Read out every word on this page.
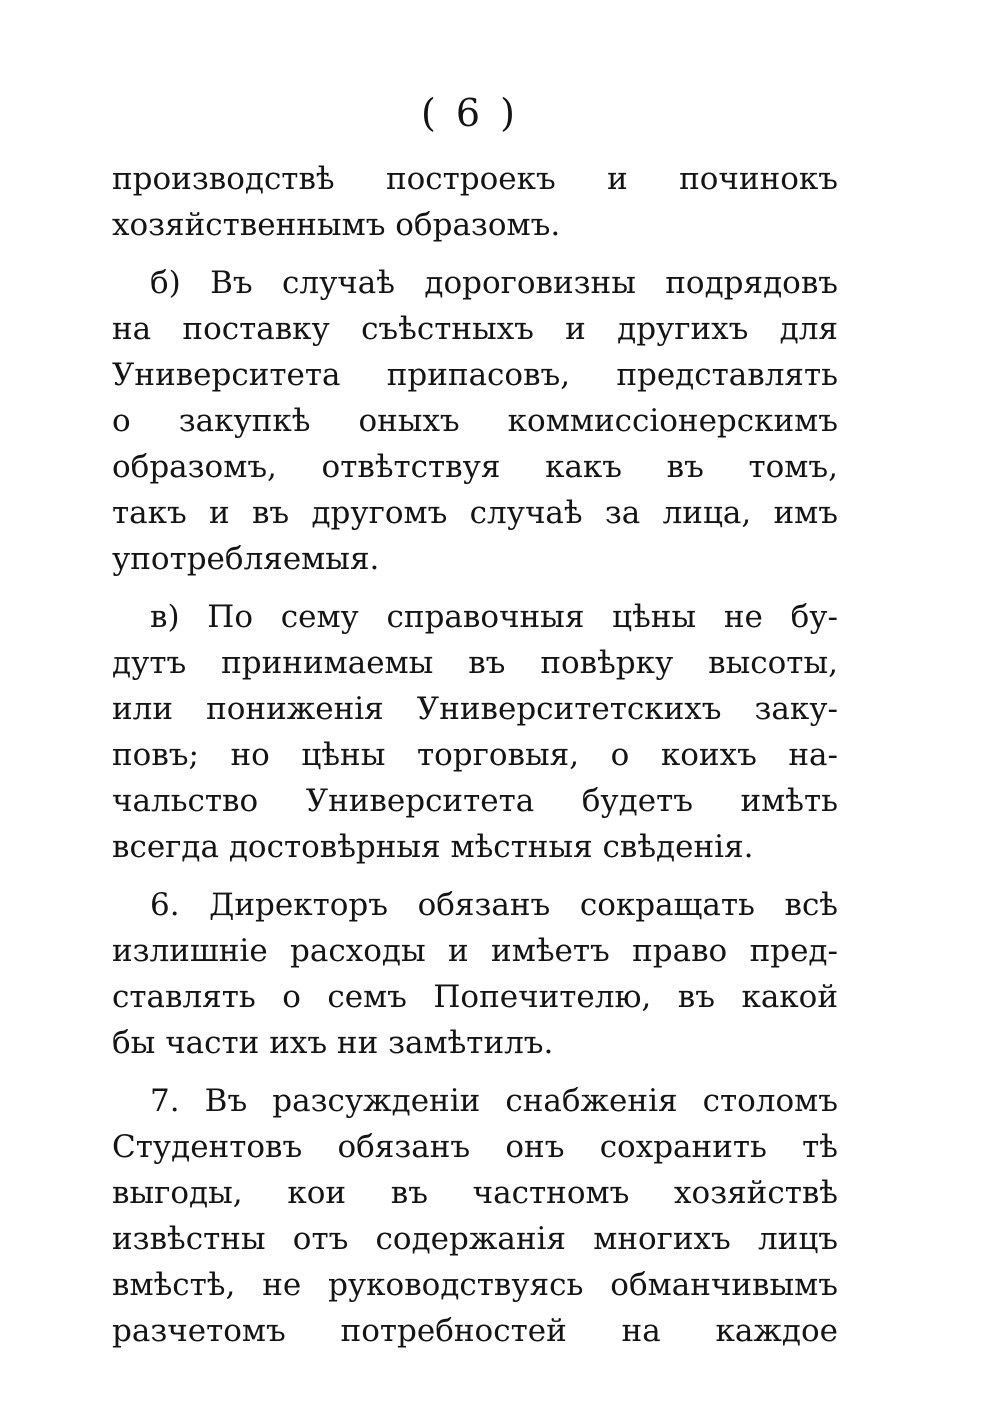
( 6 )
производствѣ построекъ и починокъ
хозяйственнымъ образомъ.
б) Въ случаѣ дороговизны подрядовъ
на поставку съѣстныхъ и другихъ для
Университета припасовъ, представлять
о закупкѣ оныхъ коммиссіонерскимъ
образомъ, отвѣтствуя какъ въ томъ,
такъ и въ другомъ случаѣ за лица, имъ
употребляемыя.
в) По сему справочныя цѣны не бу-
дутъ принимаемы въ повѣрку высоты,
или пониженія Университетскихъ заку-
повъ; но цѣны торговыя, о коихъ на-
чальство Университета будетъ имѣть
всегда достовѣрныя мѣстныя свѣденія.
6. Директоръ обязанъ сокращать всѣ
излишніе расходы и имѣетъ право пред-
ставлять о семъ Попечителю, въ какой
бы части ихъ ни замѣтилъ.
7. Въ разсужденіи снабженія столомъ
Студентовъ обязанъ онъ сохранить тѣ
выгоды, кои въ частномъ хозяйствѣ
извѣстны отъ содержанія многихъ лицъ
вмѣстѣ, не руководствуясь обманчивымъ
разчетомъ потребностей на каждое
